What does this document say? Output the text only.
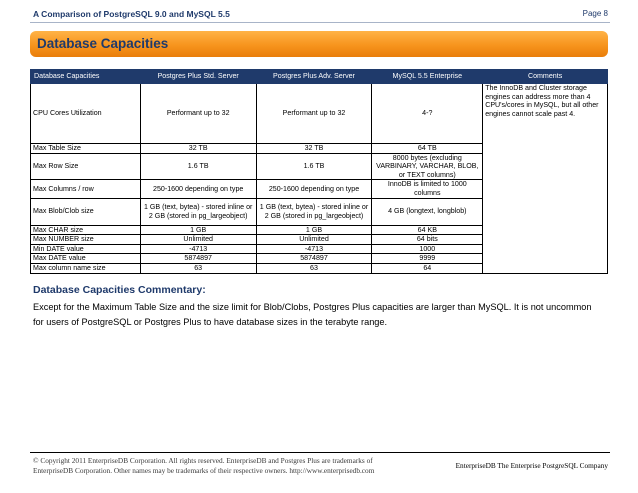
A Comparison of PostgreSQL 9.0 and MySQL 5.5	Page 8
Database Capacities
Database Capacities	Postgres Plus Std. Server	Postgres Plus Adv. Server	MySQL 5.5 Enterprise	Comments
CPU Cores Utilization	Performant up to 32	Performant up to 32	4-?	The InnoDB and Cluster storage engines can address more than 4 CPU's/cores in MySQL, but all other engines cannot scale past 4.
Max Table Size	32 TB	32 TB	64 TB	
Max Row Size	1.6 TB	1.6 TB	8000 bytes (excluding VARBINARY, VARCHAR, BLOB, or TEXT columns)	
Max Columns / row	250-1600 depending on type	250-1600 depending on type	InnoDB is limited to 1000 columns	
Max Blob/Clob size	1 GB (text, bytea) - stored inline or 2 GB (stored in pg_largeobject)	1 GB (text, bytea) - stored inline or 2 GB (stored in pg_largeobject)	4 GB (longtext, longblob)	
Max CHAR size	1 GB	1 GB	64 KB	
Max NUMBER size	Unlimited	Unlimited	64 bits	
Min DATE value	-4713	-4713	1000	
Max DATE value	5874897	5874897	9999	
Max column name size	63	63	64	
Database Capacities Commentary:
Except for the Maximum Table Size and the size limit for Blob/Clobs, Postgres Plus capacities are larger than MySQL. It is not uncommon for users of PostgreSQL or Postgres Plus to have database sizes in the terabyte range.
© Copyright 2011 EnterpriseDB Corporation. All rights reserved. EnterpriseDB and Postgres Plus are trademarks of
EnterpriseDB Corporation. Other names may be trademarks of their respective owners. http://www.enterprisedb.com
EnterpriseDB The Enterprise PostgreSQL Company
